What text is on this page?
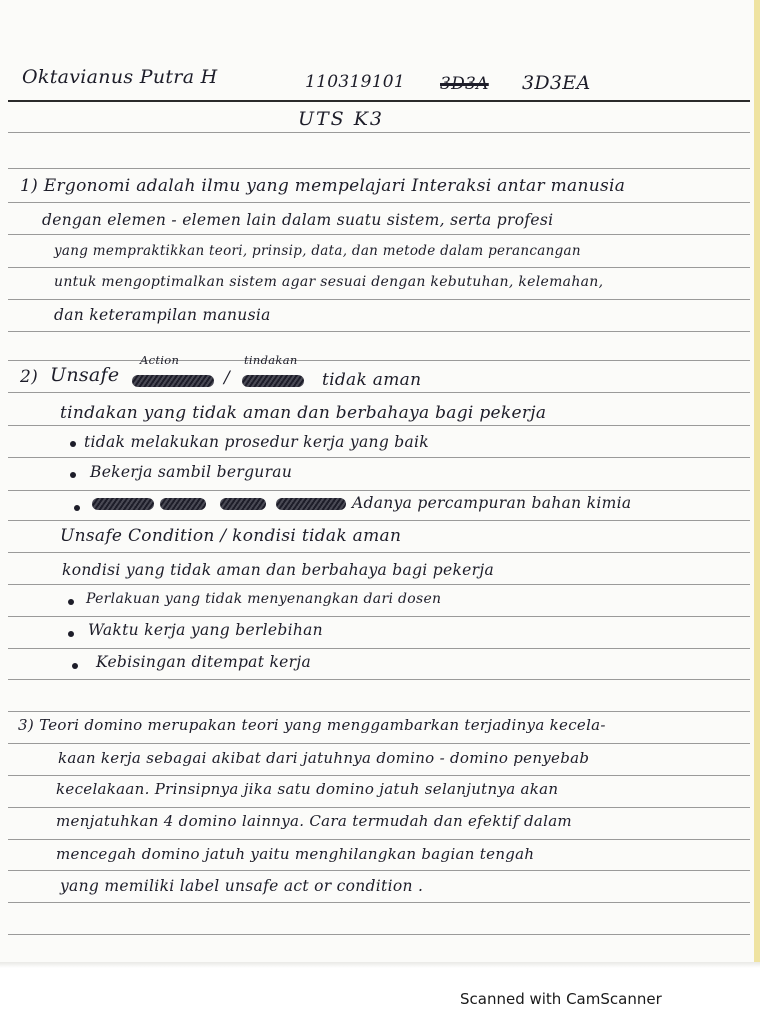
Oktavianus Putra H	110319101 3D3A 3D3EA
UTS K3
1) Ergonomi adalah ilmu yang mempelajari Interaksi antar manusia
dengan elemen - elemen lain dalam suatu sistem, serta profesi
yang mempraktikkan teori, prinsip, data, dan metode dalam perancangan
untuk mengoptimalkan sistem agar sesuai dengan kebutuhan, kelemahan,
dan keterampilan manusia
Action	tindakan
2) Unsafe	/	tidak aman
tindakan yang tidak aman dan berbahaya bagi pekerja
tidak melakukan prosedur kerja yang baik
Bekerja sambil bergurau
Adanya percampuran bahan kimia
Unsafe Condition / kondisi tidak aman
kondisi yang tidak aman dan berbahaya bagi pekerja
Perlakuan yang tidak menyenangkan dari dosen
Waktu kerja yang berlebihan
Kebisingan ditempat kerja
3) Teori domino merupakan teori yang menggambarkan terjadinya kecela-
kaan kerja sebagai akibat dari jatuhnya domino - domino penyebab
kecelakaan. Prinsipnya jika satu domino jatuh selanjutnya akan
menjatuhkan 4 domino lainnya. Cara termudah dan efektif dalam
mencegah domino jatuh yaitu menghilangkan bagian tengah
yang memiliki label unsafe act or condition .
Scanned with CamScanner
